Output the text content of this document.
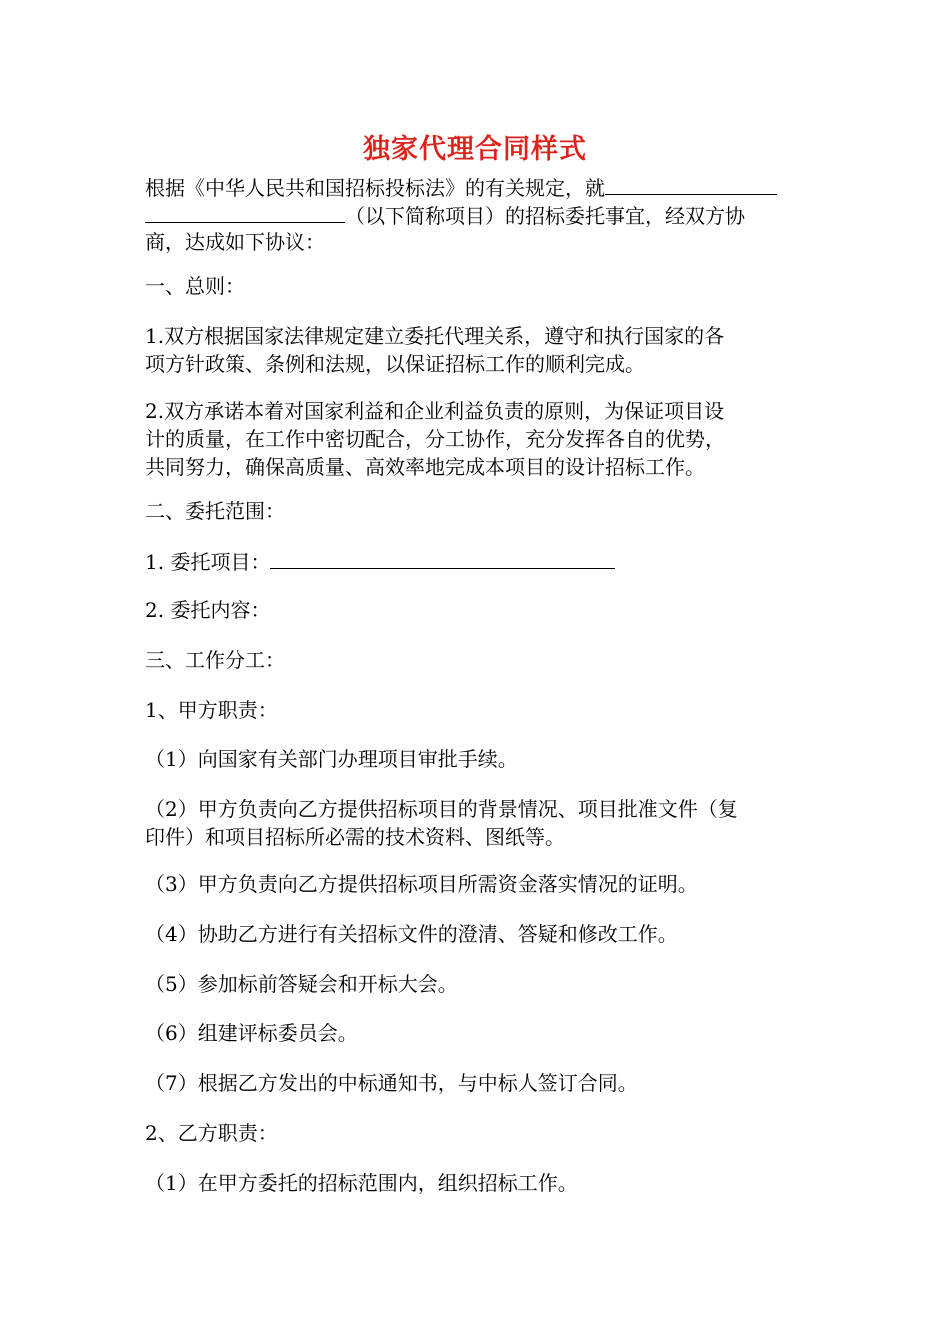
独家代理合同样式
根据《中华人民共和国招标投标法》的有关规定，就
（以下简称项目）的招标委托事宜，经双方协
商，达成如下协议：
一、总则：
1.双方根据国家法律规定建立委托代理关系，遵守和执行国家的各
项方针政策、条例和法规，以保证招标工作的顺利完成。
2.双方承诺本着对国家利益和企业利益负责的原则，为保证项目设
计的质量，在工作中密切配合，分工协作，充分发挥各自的优势，
共同努力，确保高质量、高效率地完成本项目的设计招标工作。
二、委托范围：
1. 委托项目：
2. 委托内容：
三、工作分工：
1、甲方职责：
（1）向国家有关部门办理项目审批手续。
（2）甲方负责向乙方提供招标项目的背景情况、项目批准文件（复
印件）和项目招标所必需的技术资料、图纸等。
（3）甲方负责向乙方提供招标项目所需资金落实情况的证明。
（4）协助乙方进行有关招标文件的澄清、答疑和修改工作。
（5）参加标前答疑会和开标大会。
（6）组建评标委员会。
（7）根据乙方发出的中标通知书，与中标人签订合同。
2、乙方职责：
（1）在甲方委托的招标范围内，组织招标工作。
